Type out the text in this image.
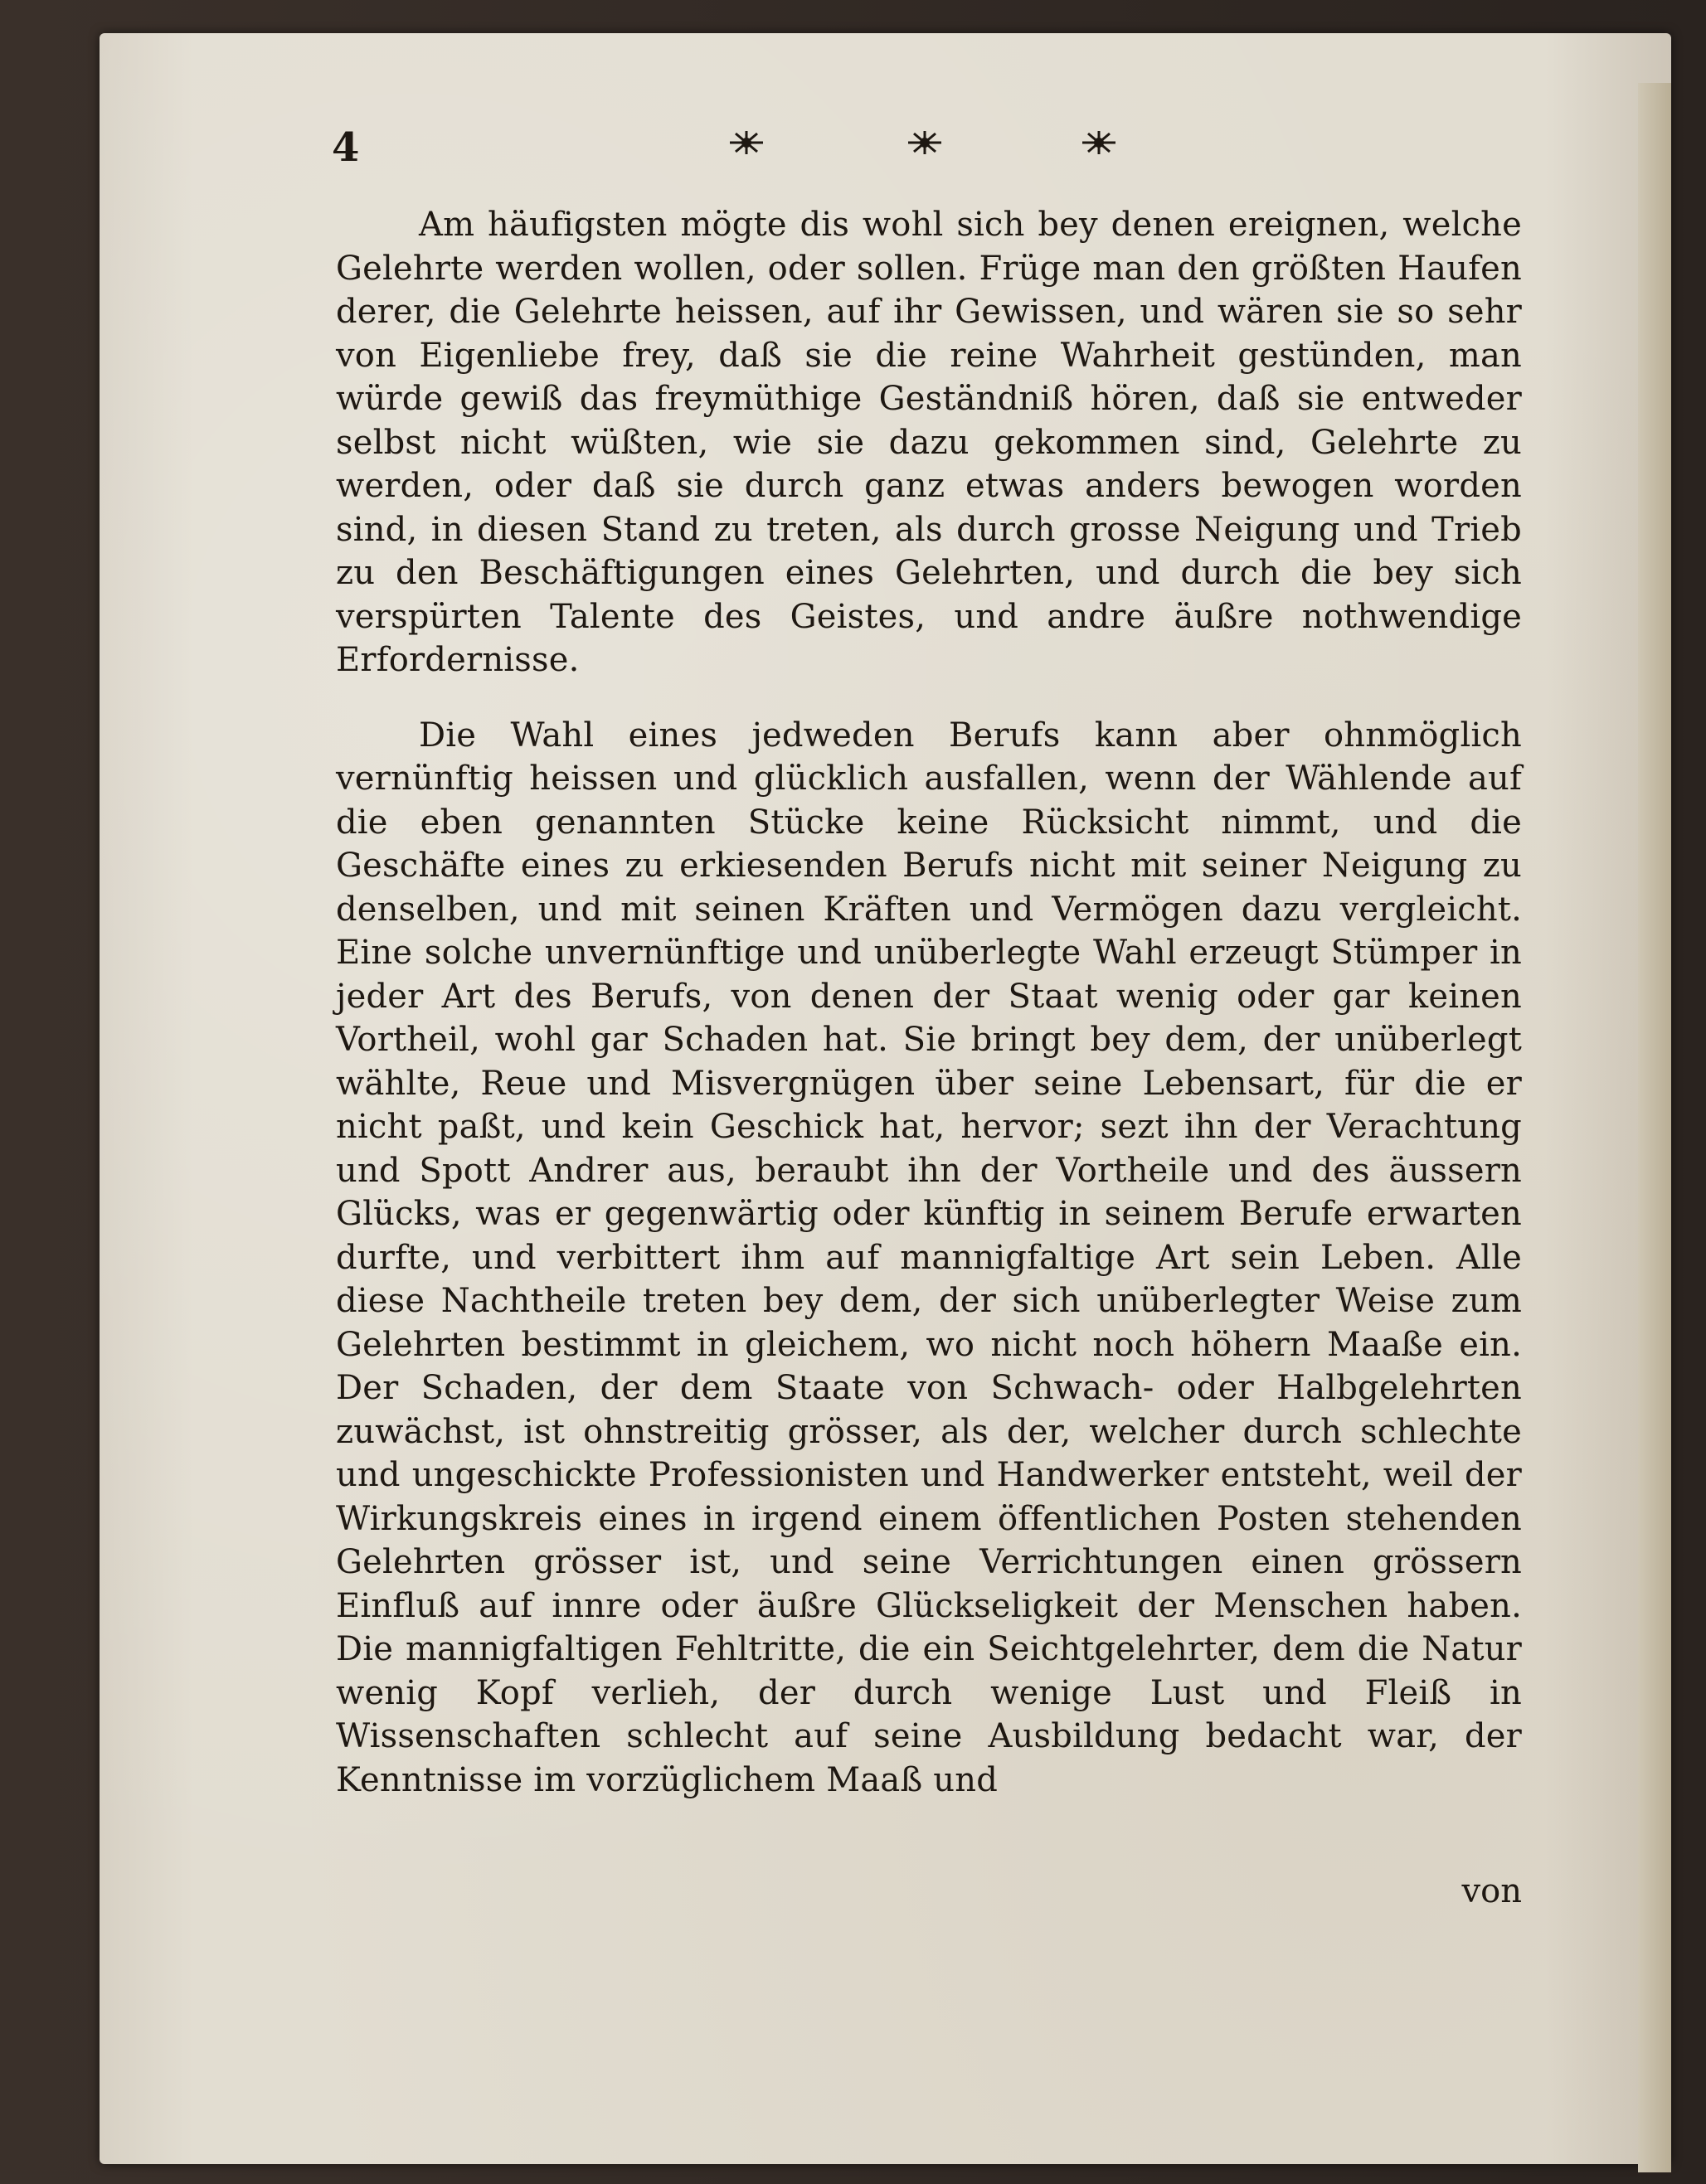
4

Am häufigsten mögte dis wohl sich bey denen ereignen, welche Gelehrte werden wollen, oder sollen. Früge man den größten Haufen derer, die Gelehrte heissen, auf ihr Gewissen, und wären sie so sehr von Eigenliebe frey, daß sie die reine Wahrheit gestünden, man würde gewiß das freymüthige Geständniß hören, daß sie entweder selbst nicht wüßten, wie sie dazu gekommen sind, Gelehrte zu werden, oder daß sie durch ganz etwas anders bewogen worden sind, in diesen Stand zu treten, als durch grosse Neigung und Trieb zu den Beschäftigungen eines Gelehrten, und durch die bey sich verspürten Talente des Geistes, und andre äußre nothwendige Erfordernisse.

Die Wahl eines jedweden Berufs kann aber ohnmöglich vernünftig heissen und glücklich ausfallen, wenn der Wählende auf die eben genannten Stücke keine Rücksicht nimmt, und die Geschäfte eines zu erkiesenden Berufs nicht mit seiner Neigung zu denselben, und mit seinen Kräften und Vermögen dazu vergleicht. Eine solche unvernünftige und unüberlegte Wahl erzeugt Stümper in jeder Art des Berufs, von denen der Staat wenig oder gar keinen Vortheil, wohl gar Schaden hat. Sie bringt bey dem, der unüberlegt wählte, Reue und Misvergnügen über seine Lebensart, für die er nicht paßt, und kein Geschick hat, hervor; sezt ihn der Verachtung und Spott Andrer aus, beraubt ihn der Vortheile und des äussern Glücks, was er gegenwärtig oder künftig in seinem Berufe erwarten durfte, und verbittert ihm auf mannigfaltige Art sein Leben. Alle diese Nachtheile treten bey dem, der sich unüberlegter Weise zum Gelehrten bestimmt in gleichem, wo nicht noch höhern Maaße ein. Der Schaden, der dem Staate von Schwach- oder Halbgelehrten zuwächst, ist ohnstreitig grösser, als der, welcher durch schlechte und ungeschickte Professionisten und Handwerker entsteht, weil der Wirkungskreis eines in irgend einem öffentlichen Posten stehenden Gelehrten grösser ist, und seine Verrichtungen einen grössern Einfluß auf innre oder äußre Glückseligkeit der Menschen haben. Die mannigfaltigen Fehltritte, die ein Seichtgelehrter, dem die Natur wenig Kopf verlieh, der durch wenige Lust und Fleiß in Wissenschaften schlecht auf seine Ausbildung bedacht war, der Kenntnisse im vorzüglichem Maaß und

von
